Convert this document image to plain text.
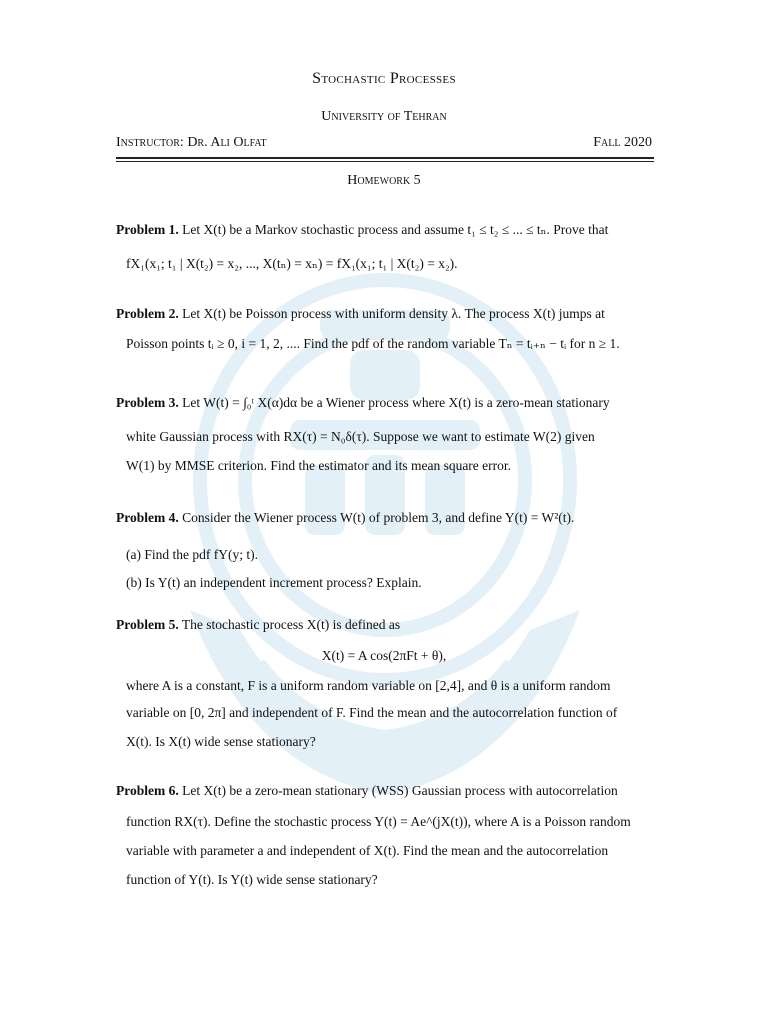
Stochastic Processes
University of Tehran
Instructor: Dr. Ali Olfat	Fall 2020
Homework 5
Problem 1. Let X(t) be a Markov stochastic process and assume t₁ ≤ t₂ ≤ ... ≤ tₙ. Prove that
fX₁(x₁; t₁ | X(t₂) = x₂, ..., X(tₙ) = xₙ) = fX₁(x₁; t₁ | X(t₂) = x₂).
Problem 2. Let X(t) be Poisson process with uniform density λ. The process X(t) jumps at
Poisson points tᵢ ≥ 0, i = 1, 2, .... Find the pdf of the random variable Tₙ = tᵢ₊ₙ − tᵢ for n ≥ 1.
Problem 3. Let W(t) = ∫₀ᵗ X(α)dα be a Wiener process where X(t) is a zero-mean stationary
white Gaussian process with RX(τ) = N₀δ(τ). Suppose we want to estimate W(2) given
W(1) by MMSE criterion. Find the estimator and its mean square error.
Problem 4. Consider the Wiener process W(t) of problem 3, and define Y(t) = W²(t).
(a) Find the pdf fY(y; t).
(b) Is Y(t) an independent increment process? Explain.
Problem 5. The stochastic process X(t) is defined as
X(t) = A cos(2πFt + θ),
where A is a constant, F is a uniform random variable on [2,4], and θ is a uniform random
variable on [0, 2π] and independent of F. Find the mean and the autocorrelation function of
X(t). Is X(t) wide sense stationary?
Problem 6. Let X(t) be a zero-mean stationary (WSS) Gaussian process with autocorrelation
function RX(τ). Define the stochastic process Y(t) = Ae^(jX(t)), where A is a Poisson random
variable with parameter a and independent of X(t). Find the mean and the autocorrelation
function of Y(t). Is Y(t) wide sense stationary?
